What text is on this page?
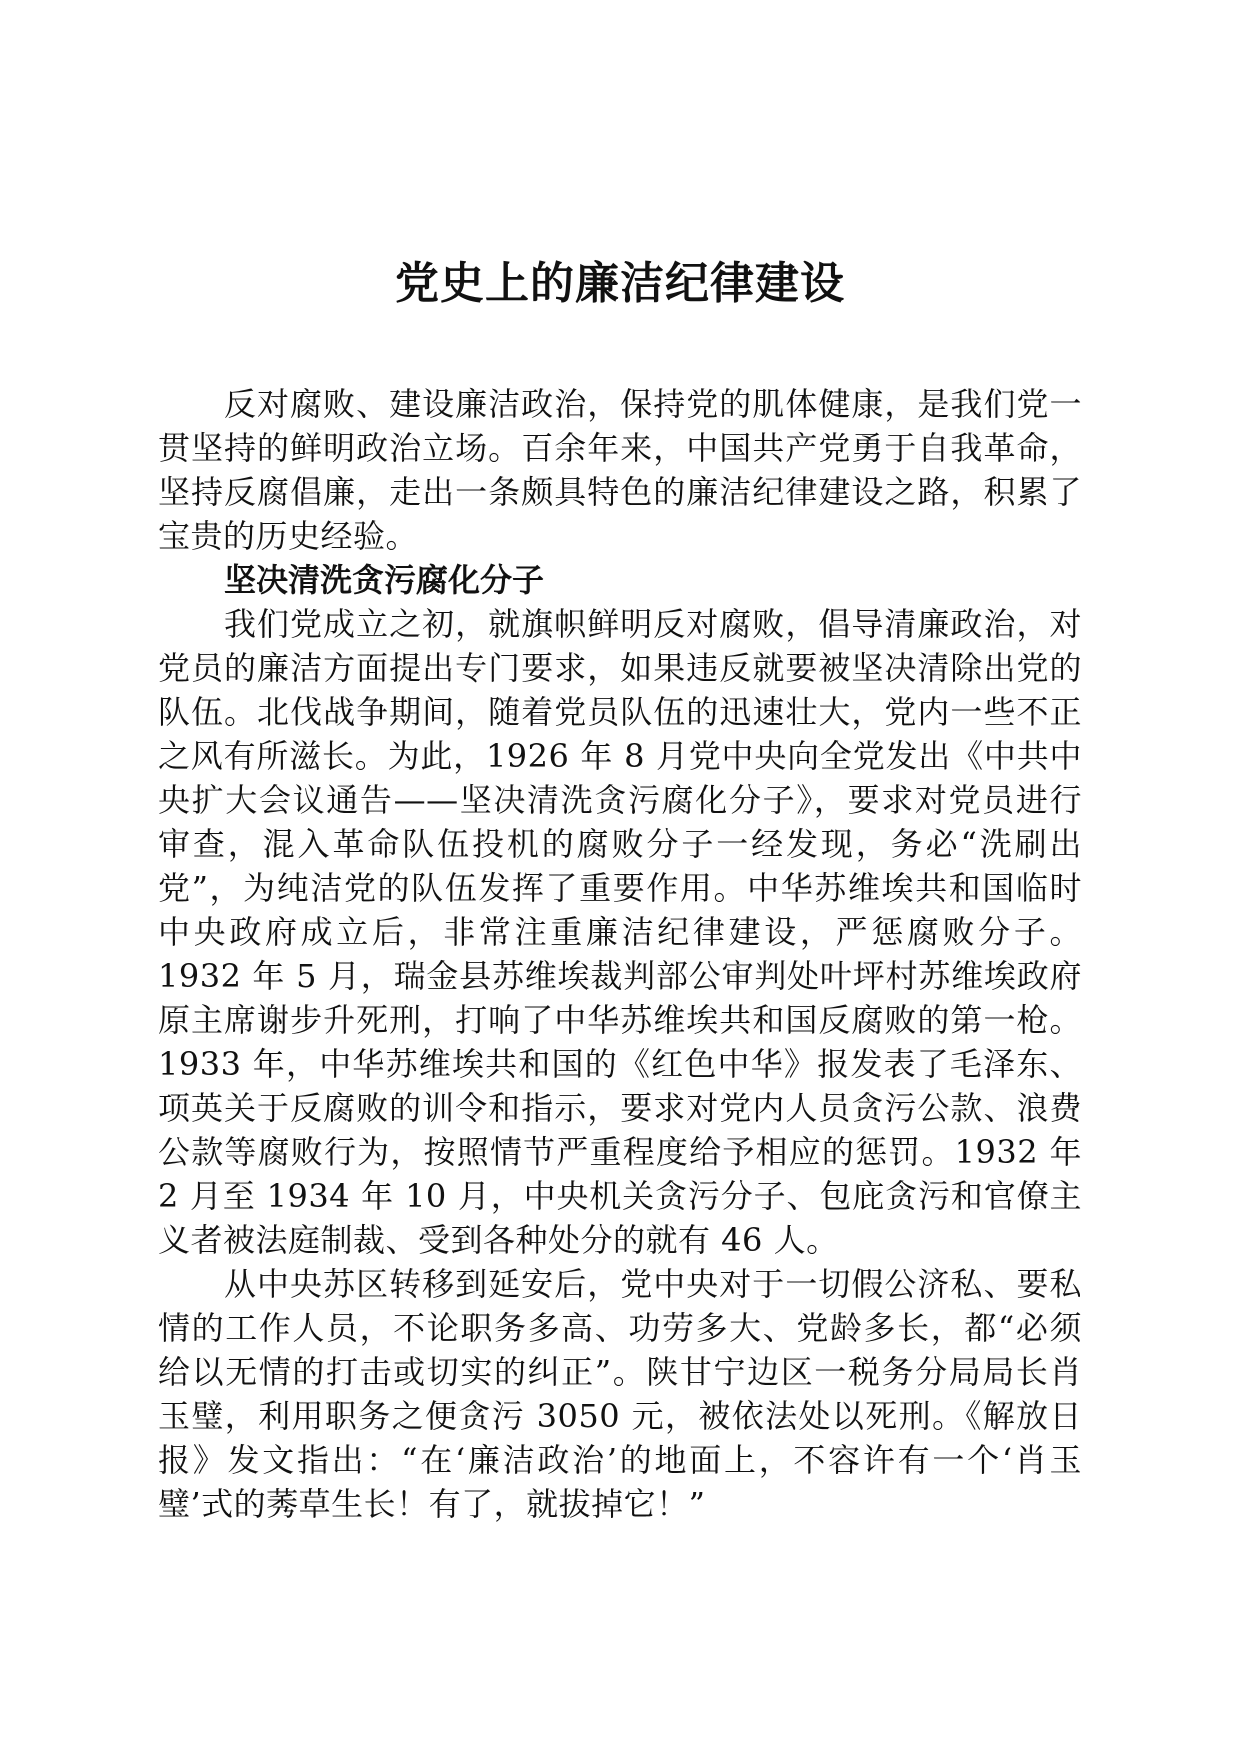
党史上的廉洁纪律建设

反对腐败、建设廉洁政治，保持党的肌体健康，是我们党一贯坚持的鲜明政治立场。百余年来，中国共产党勇于自我革命，坚持反腐倡廉，走出一条颇具特色的廉洁纪律建设之路，积累了宝贵的历史经验。

坚决清洗贪污腐化分子

我们党成立之初，就旗帜鲜明反对腐败，倡导清廉政治，对党员的廉洁方面提出专门要求，如果违反就要被坚决清除出党的队伍。北伐战争期间，随着党员队伍的迅速壮大，党内一些不正之风有所滋长。为此，1926 年 8 月党中央向全党发出《中共中央扩大会议通告——坚决清洗贪污腐化分子》，要求对党员进行审查，混入革命队伍投机的腐败分子一经发现，务必“洗刷出党”，为纯洁党的队伍发挥了重要作用。中华苏维埃共和国临时中央政府成立后，非常注重廉洁纪律建设，严惩腐败分子。1932 年 5 月，瑞金县苏维埃裁判部公审判处叶坪村苏维埃政府原主席谢步升死刑，打响了中华苏维埃共和国反腐败的第一枪。1933 年，中华苏维埃共和国的《红色中华》报发表了毛泽东、项英关于反腐败的训令和指示，要求对党内人员贪污公款、浪费公款等腐败行为，按照情节严重程度给予相应的惩罚。1932 年 2 月至 1934 年 10 月，中央机关贪污分子、包庇贪污和官僚主义者被法庭制裁、受到各种处分的就有 46 人。

从中央苏区转移到延安后，党中央对于一切假公济私、要私情的工作人员，不论职务多高、功劳多大、党龄多长，都“必须给以无情的打击或切实的纠正”。陕甘宁边区一税务分局局长肖玉璧，利用职务之便贪污 3050 元，被依法处以死刑。《解放日报》发文指出：“在‘廉洁政治’的地面上，不容许有一个‘肖玉璧’式的莠草生长！有了，就拔掉它！”
